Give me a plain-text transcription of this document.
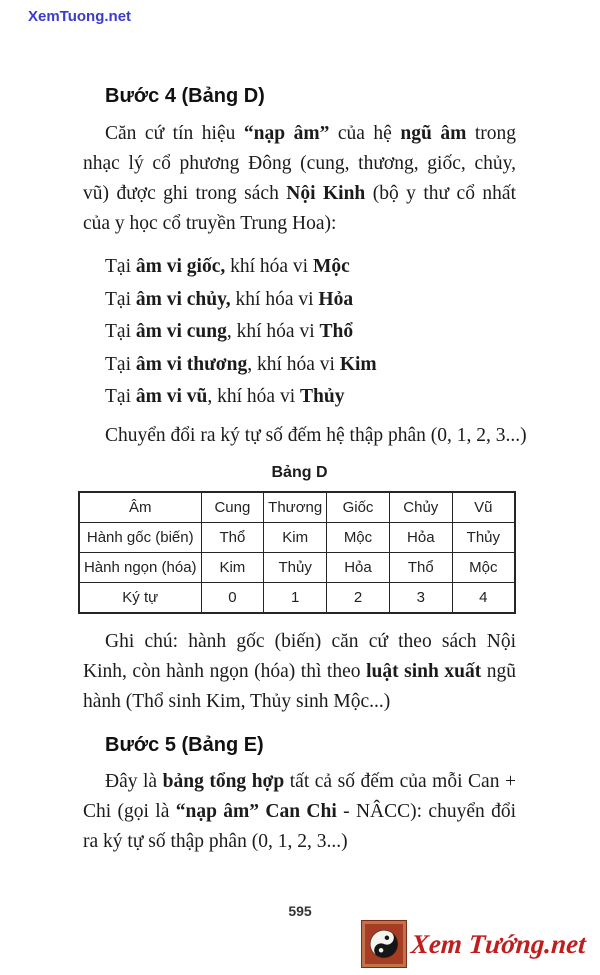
XemTuong.net
Bước 4 (Bảng D)

Căn cứ tín hiệu “nạp âm” của hệ ngũ âm trong nhạc lý cổ phương Đông (cung, thương, giốc, chủy, vũ) được ghi trong sách Nội Kinh (bộ y thư cổ nhất của y học cổ truyền Trung Hoa):

Tại âm vi giốc, khí hóa vi Mộc
Tại âm vi chủy, khí hóa vi Hỏa
Tại âm vi cung, khí hóa vi Thổ
Tại âm vi thương, khí hóa vi Kim
Tại âm vi vũ, khí hóa vi Thủy
Chuyển đổi ra ký tự số đếm hệ thập phân (0, 1, 2, 3...)
Bảng D
Âm	Cung	Thương	Giốc	Chủy	Vũ
Hành gốc (biến)	Thổ	Kim	Mộc	Hỏa	Thủy
Hành ngọn (hóa)	Kim	Thủy	Hỏa	Thổ	Mộc
Ký tự	0	1	2	3	4

Ghi chú: hành gốc (biến) căn cứ theo sách Nội Kinh, còn hành ngọn (hóa) thì theo luật sinh xuất ngũ hành (Thổ sinh Kim, Thủy sinh Mộc...)

Bước 5 (Bảng E)

Đây là bảng tổng hợp tất cả số đếm của mỗi Can + Chi (gọi là “nạp âm” Can Chi - NÂCC): chuyển đổi ra ký tự số thập phân (0, 1, 2, 3...)

595
Xem Tướng.net
